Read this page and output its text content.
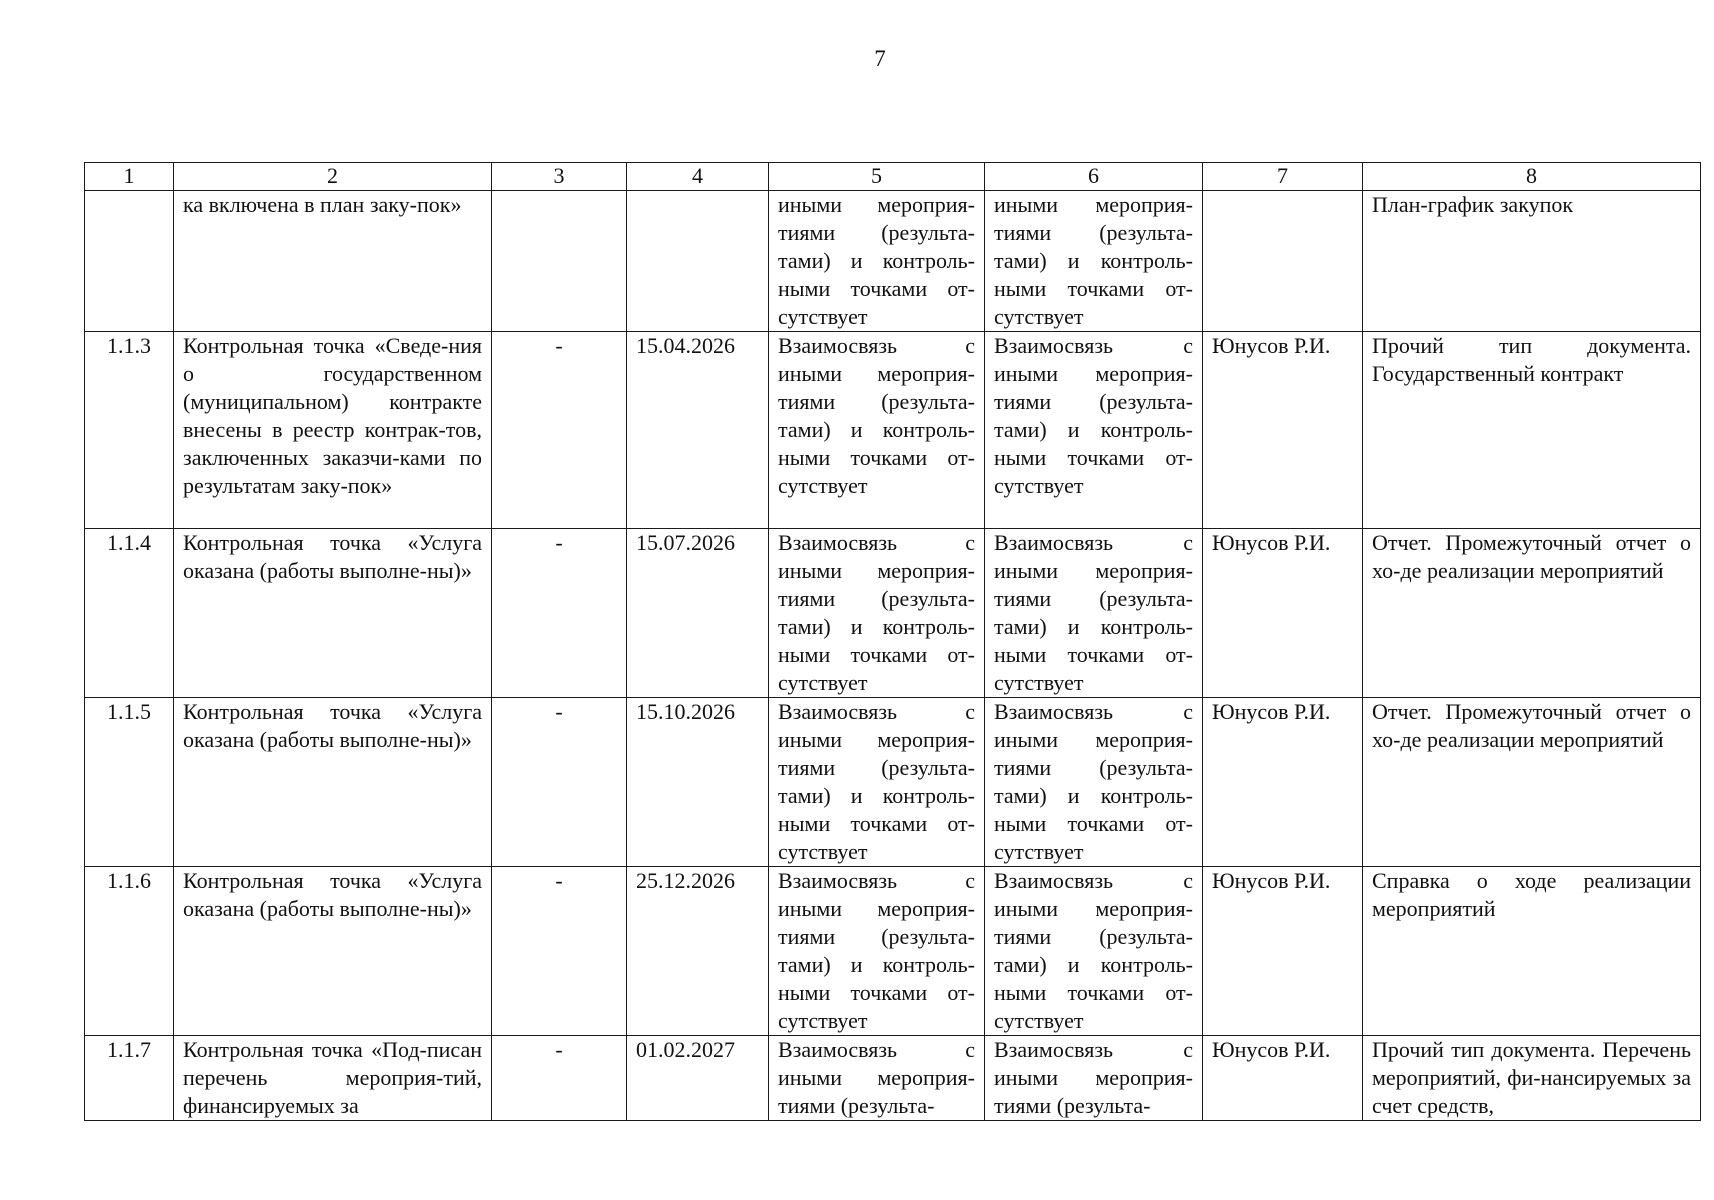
7
1	2	3	4	5	6	7	8
	ка включена в план заку-пок»			иными мероприя-тиями (результа-тами) и контроль-ными точками от-сутствует	иными мероприя-тиями (результа-тами) и контроль-ными точками от-сутствует		План-график закупок
1.1.3	Контрольная точка «Сведе-ния о государственном (муниципальном) контракте внесены в реестр контрак-тов, заключенных заказчи-ками по результатам заку-пок»	-	15.04.2026	Взаимосвязь с иными мероприя-тиями (результа-тами) и контроль-ными точками от-сутствует	Взаимосвязь с иными мероприя-тиями (результа-тами) и контроль-ными точками от-сутствует	Юнусов Р.И.	Прочий тип документа. Государственный контракт
1.1.4	Контрольная точка «Услуга оказана (работы выполне-ны)»	-	15.07.2026	Взаимосвязь с иными мероприя-тиями (результа-тами) и контроль-ными точками от-сутствует	Взаимосвязь с иными мероприя-тиями (результа-тами) и контроль-ными точками от-сутствует	Юнусов Р.И.	Отчет. Промежуточный отчет о хо-де реализации мероприятий
1.1.5	Контрольная точка «Услуга оказана (работы выполне-ны)»	-	15.10.2026	Взаимосвязь с иными мероприя-тиями (результа-тами) и контроль-ными точками от-сутствует	Взаимосвязь с иными мероприя-тиями (результа-тами) и контроль-ными точками от-сутствует	Юнусов Р.И.	Отчет. Промежуточный отчет о хо-де реализации мероприятий
1.1.6	Контрольная точка «Услуга оказана (работы выполне-ны)»	-	25.12.2026	Взаимосвязь с иными мероприя-тиями (результа-тами) и контроль-ными точками от-сутствует	Взаимосвязь с иными мероприя-тиями (результа-тами) и контроль-ными точками от-сутствует	Юнусов Р.И.	Справка о ходе реализации мероприятий
1.1.7	Контрольная точка «Под-писан перечень мероприя-тий, финансируемых за	-	01.02.2027	Взаимосвязь с иными мероприя-тиями (результа-	Взаимосвязь с иными мероприя-тиями (результа-	Юнусов Р.И.	Прочий тип документа. Перечень мероприятий, фи-нансируемых за счет средств,
